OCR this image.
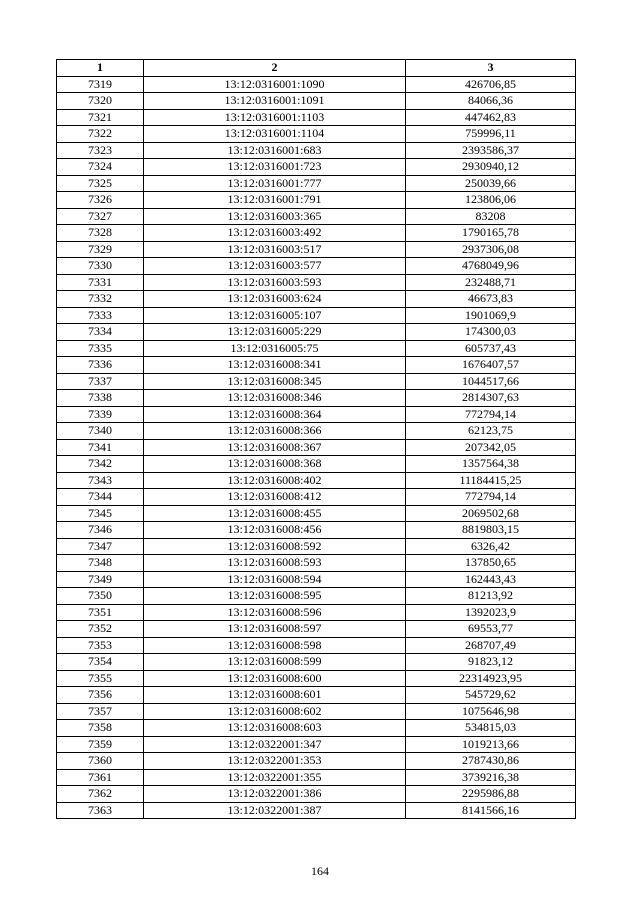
1	2	3
7319	13:12:0316001:1090	426706,85
7320	13:12:0316001:1091	84066,36
7321	13:12:0316001:1103	447462,83
7322	13:12:0316001:1104	759996,11
7323	13:12:0316001:683	2393586,37
7324	13:12:0316001:723	2930940,12
7325	13:12:0316001:777	250039,66
7326	13:12:0316001:791	123806,06
7327	13:12:0316003:365	83208
7328	13:12:0316003:492	1790165,78
7329	13:12:0316003:517	2937306,08
7330	13:12:0316003:577	4768049,96
7331	13:12:0316003:593	232488,71
7332	13:12:0316003:624	46673,83
7333	13:12:0316005:107	1901069,9
7334	13:12:0316005:229	174300,03
7335	13:12:0316005:75	605737,43
7336	13:12:0316008:341	1676407,57
7337	13:12:0316008:345	1044517,66
7338	13:12:0316008:346	2814307,63
7339	13:12:0316008:364	772794,14
7340	13:12:0316008:366	62123,75
7341	13:12:0316008:367	207342,05
7342	13:12:0316008:368	1357564,38
7343	13:12:0316008:402	11184415,25
7344	13:12:0316008:412	772794,14
7345	13:12:0316008:455	2069502,68
7346	13:12:0316008:456	8819803,15
7347	13:12:0316008:592	6326,42
7348	13:12:0316008:593	137850,65
7349	13:12:0316008:594	162443,43
7350	13:12:0316008:595	81213,92
7351	13:12:0316008:596	1392023,9
7352	13:12:0316008:597	69553,77
7353	13:12:0316008:598	268707,49
7354	13:12:0316008:599	91823,12
7355	13:12:0316008:600	22314923,95
7356	13:12:0316008:601	545729,62
7357	13:12:0316008:602	1075646,98
7358	13:12:0316008:603	534815,03
7359	13:12:0322001:347	1019213,66
7360	13:12:0322001:353	2787430,86
7361	13:12:0322001:355	3739216,38
7362	13:12:0322001:386	2295986,88
7363	13:12:0322001:387	8141566,16
164
